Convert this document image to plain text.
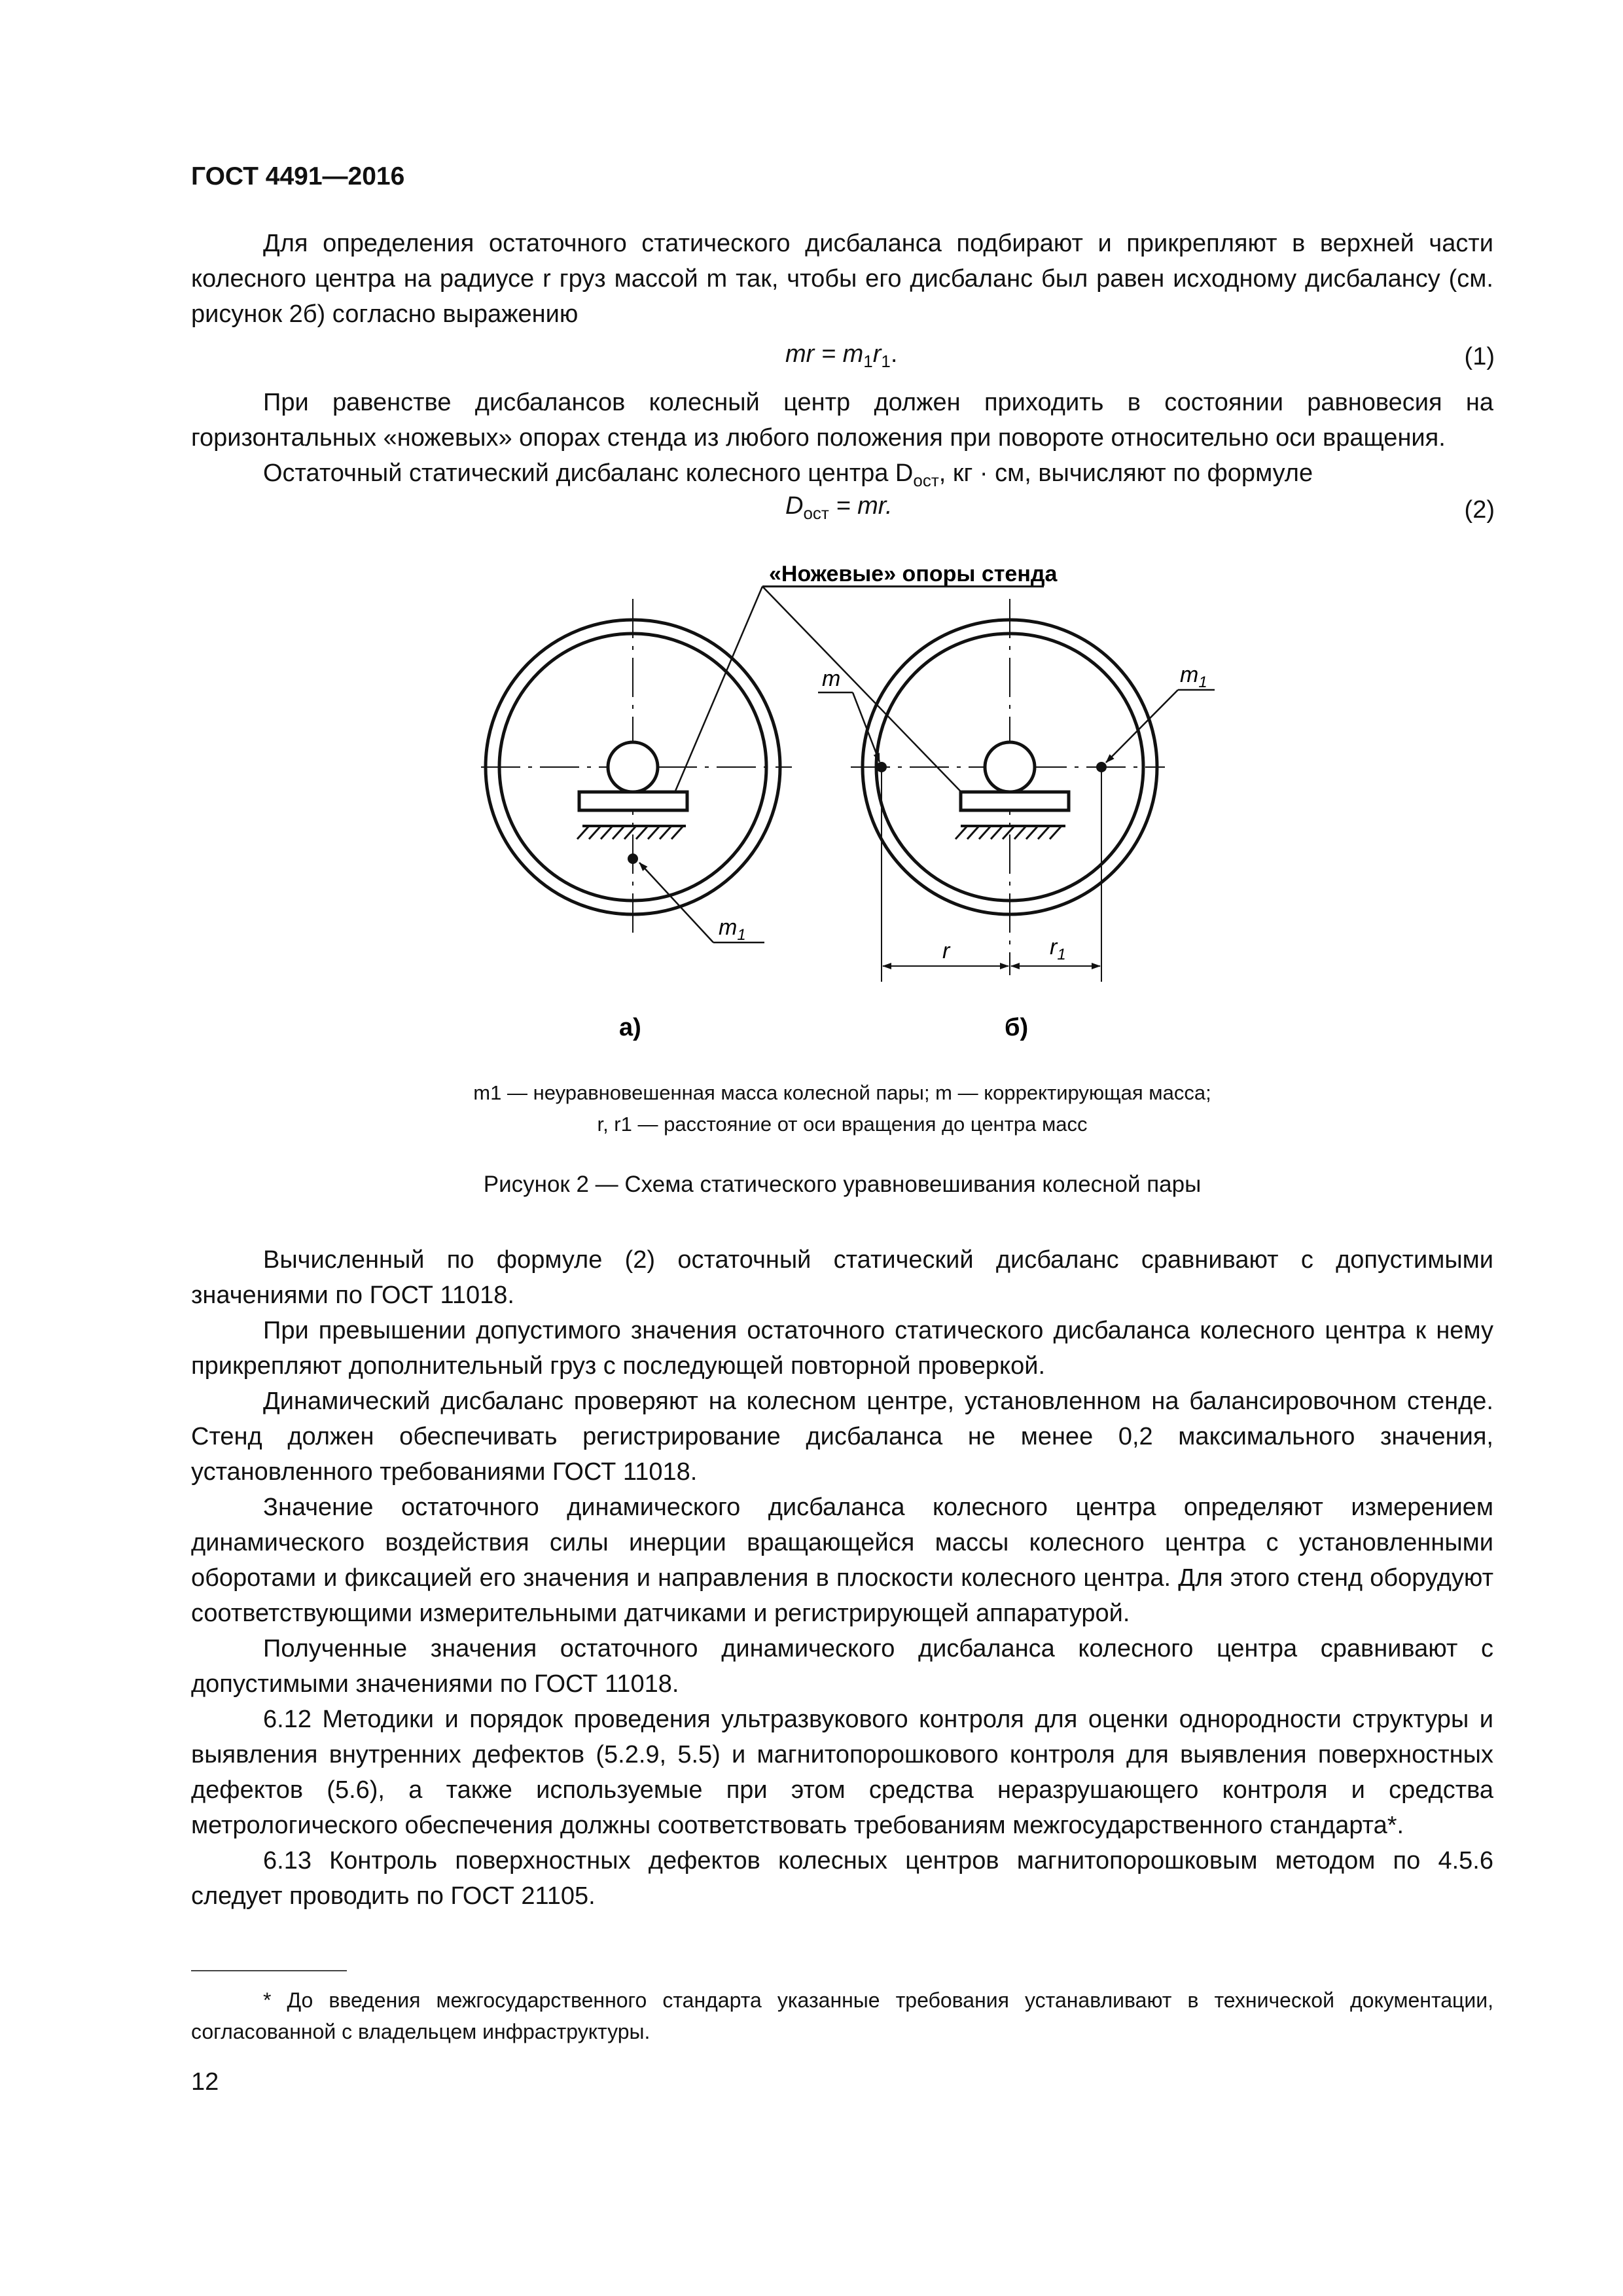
ГОСТ 4491—2016

Для определения остаточного статического дисбаланса подбирают и прикрепляют в верхней части колесного центра на радиусе r груз массой m так, чтобы его дисбаланс был равен исходному дисбалансу (см. рисунок 2б) согласно выражению

mr = $m_1r_1$.	(1)

При равенстве дисбалансов колесный центр должен приходить в состоянии равновесия на горизонтальных «ножевых» опорах стенда из любого положения при повороте относительно оси вращения.

Остаточный статический дисбаланс колесного центра $D_{ост}$, кг · см, вычисляют по формуле

$D_{ост}$ = mr.	(2)
«Ножевые» опоры стенда
$m_1$
m	$m_1$
r	$r_1$
а)	б)
m1 — неуравновешенная масса колесной пары; m — корректирующая масса;
r, r1 — расстояние от оси вращения до центра масс
Рисунок 2 — Схема статического уравновешивания колесной пары

Вычисленный по формуле (2) остаточный статический дисбаланс сравнивают с допустимыми значениями по ГОСТ 11018.

При превышении допустимого значения остаточного статического дисбаланса колесного центра к нему прикрепляют дополнительный груз с последующей повторной проверкой.

Динамический дисбаланс проверяют на колесном центре, установленном на балансировочном стенде. Стенд должен обеспечивать регистрирование дисбаланса не менее 0,2 максимального значения, установленного требованиями ГОСТ 11018.

Значение остаточного динамического дисбаланса колесного центра определяют измерением динамического воздействия силы инерции вращающейся массы колесного центра с установленными оборотами и фиксацией его значения и направления в плоскости колесного центра. Для этого стенд оборудуют соответствующими измерительными датчиками и регистрирующей аппаратурой.

Полученные значения остаточного динамического дисбаланса колесного центра сравнивают с допустимыми значениями по ГОСТ 11018.

6.12 Методики и порядок проведения ультразвукового контроля для оценки однородности структуры и выявления внутренних дефектов (5.2.9, 5.5) и магнитопорошкового контроля для выявления поверхностных дефектов (5.6), а также используемые при этом средства неразрушающего контроля и средства метрологического обеспечения должны соответствовать требованиям межгосударственного стандарта*.

6.13 Контроль поверхностных дефектов колесных центров магнитопорошковым методом по 4.5.6 следует проводить по ГОСТ 21105.

* До введения межгосударственного стандарта указанные требования устанавливают в технической документации, согласованной с владельцем инфраструктуры.

12
